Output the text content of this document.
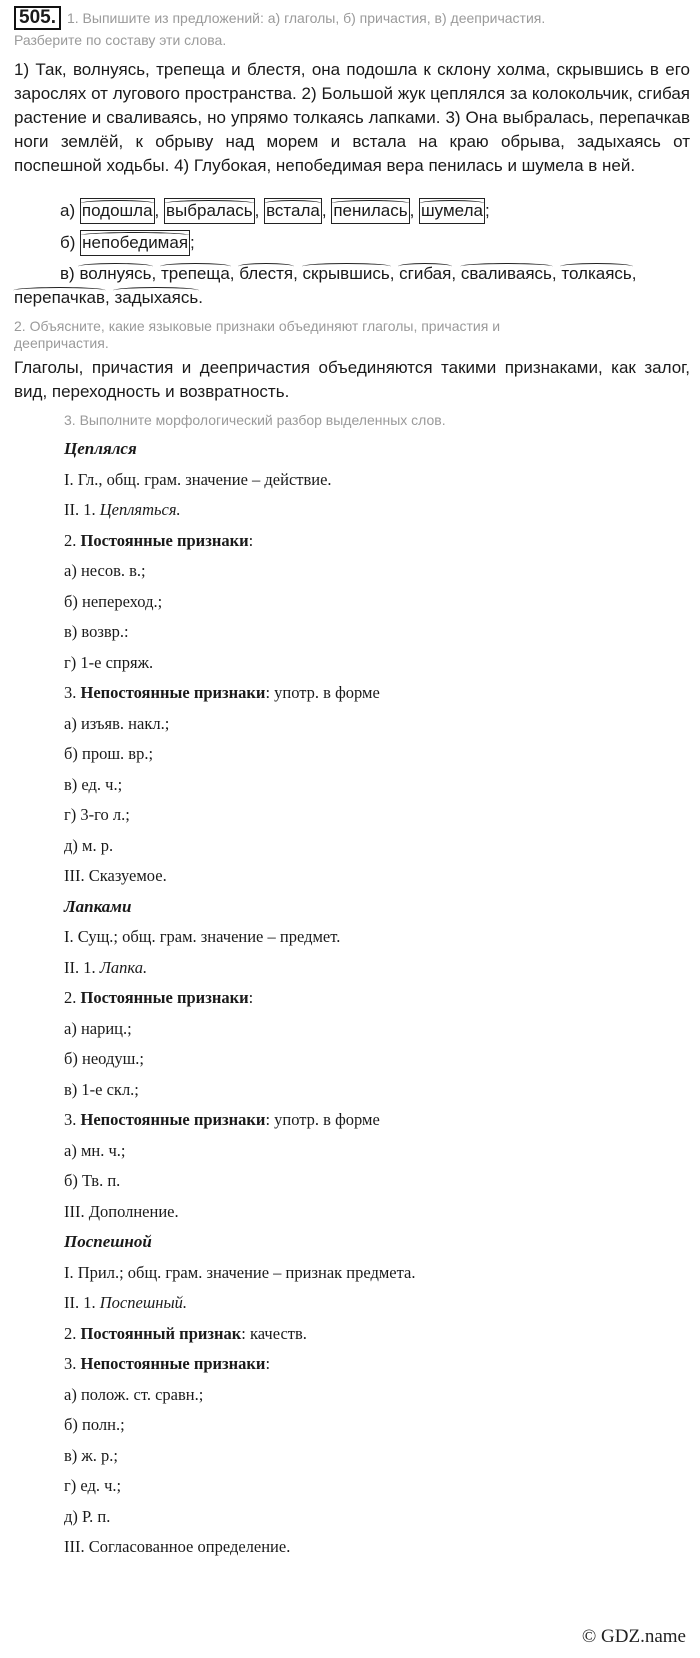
505. 1. Выпишите из предложений: а) глаголы, б) причастия, в) деепричастия.
Разберите по составу эти слова.
1) Так, волнуясь, трепеща и блестя, она подошла к склону холма, скрывшись в его зарослях от лугового пространства. 2) Большой жук цеплялся за колокольчик, сгибая растение и сваливаясь, но упрямо толкаясь лапками. 3) Она выбралась, перепачкав ноги землёй, к обрыву над морем и встала на краю обрыва, задыхаясь от поспешной ходьбы. 4) Глубокая, непобедимая вера пенилась и шумела в ней.
а) подошла , выбралась , встала , пенилась , шумела ;
б) непобедимая ;
в) волнуясь, трепеща, блестя, скрывшись, сгибая, сваливаясь, толкаясь,
перепачкав, задыхаясь.
2. Объясните, какие языковые признаки объединяют глаголы, причастия и
деепричастия.
Глаголы, причастия и деепричастия объединяются такими признаками, как залог, вид, переходность и возвратность.
3. Выполните морфологический разбор выделенных слов.
Цеплялся
I. Гл., общ. грам. значение – действие.
II. 1. Цепляться.
2. Постоянные признаки:
а) несов. в.;
б) непереход.;
в) возвр.:
г) 1-е спряж.
3. Непостоянные признаки: употр. в форме
а) изъяв. накл.;
б) прош. вр.;
в) ед. ч.;
г) 3-го л.;
д) м. р.
III. Сказуемое.
Лапками
I. Сущ.; общ. грам. значение – предмет.
II. 1. Лапка.
2. Постоянные признаки:
а) нариц.;
б) неодуш.;
в) 1-е скл.;
3. Непостоянные признаки: употр. в форме
а) мн. ч.;
б) Тв. п.
III. Дополнение.
Поспешной
I. Прил.; общ. грам. значение – признак предмета.
II. 1. Поспешный.
2. Постоянный признак: качеств.
3. Непостоянные признаки:
а) полож. ст. сравн.;
б) полн.;
в) ж. р.;
г) ед. ч.;
д) Р. п.
III. Согласованное определение.
© GDZ.name
